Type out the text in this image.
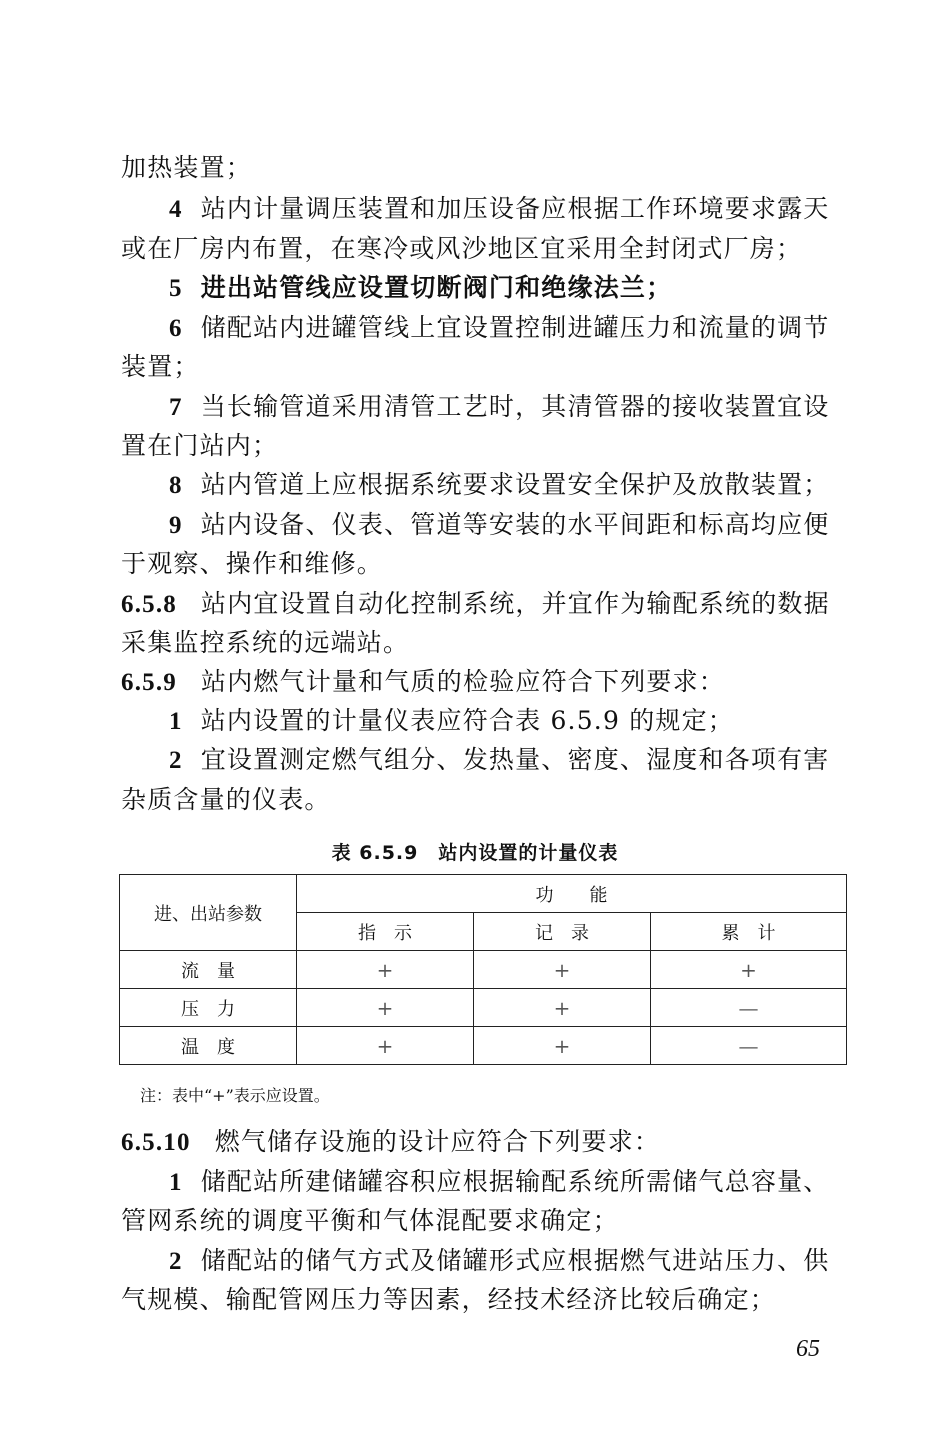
加热装置；
4 站内计量调压装置和加压设备应根据工作环境要求露天
或在厂房内布置，在寒冷或风沙地区宜采用全封闭式厂房；
5 进出站管线应设置切断阀门和绝缘法兰；
6 储配站内进罐管线上宜设置控制进罐压力和流量的调节
装置；
7 当长输管道采用清管工艺时，其清管器的接收装置宜设
置在门站内；
8 站内管道上应根据系统要求设置安全保护及放散装置；
9 站内设备、仪表、管道等安装的水平间距和标高均应便
于观察、操作和维修。
6.5.8 站内宜设置自动化控制系统，并宜作为输配系统的数据
采集监控系统的远端站。
6.5.9 站内燃气计量和气质的检验应符合下列要求：
1 站内设置的计量仪表应符合表 6.5.9 的规定；
2 宜设置测定燃气组分、发热量、密度、湿度和各项有害
杂质含量的仪表。
表 6.5.9　站内设置的计量仪表
进、出站参数	功　　能		
	指　示	记　录	累　计
流　量	+	+	+
压　力	+	+	—
温　度	+	+	—
注：表中“+”表示应设置。
6.5.10 燃气储存设施的设计应符合下列要求：
1 储配站所建储罐容积应根据输配系统所需储气总容量、
管网系统的调度平衡和气体混配要求确定；
2 储配站的储气方式及储罐形式应根据燃气进站压力、供
气规模、输配管网压力等因素，经技术经济比较后确定；
65
